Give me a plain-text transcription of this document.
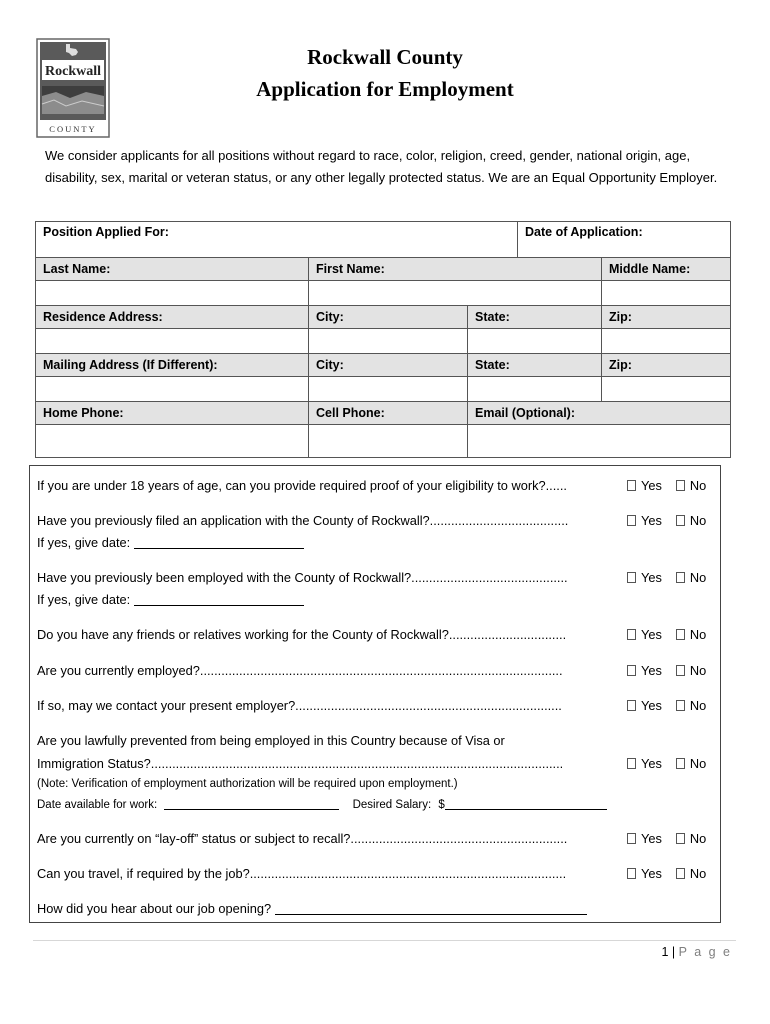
Rockwall
COUNTY
Rockwall County
Application for Employment
We consider applicants for all positions without regard to race, color, religion, creed, gender, national origin, age, disability, sex, marital or veteran status, or any other legally protected status. We are an Equal Opportunity Employer.
Position Applied For:			Date of Application:	
Last Name:	First Name:			Middle Name:

Residence Address:	City:	State:		Zip:

Mailing Address (If Different):	City:	State:		Zip:

Home Phone:	Cell Phone:	Email (Optional):		

If you are under 18 years of age, can you provide required proof of your eligibility to work?......	Yes No
Have you previously filed an application with the County of Rockwall?.......................................	Yes No
If yes, give date:
Have you previously been employed with the County of Rockwall?............................................	Yes No
If yes, give date:
Do you have any friends or relatives working for the County of Rockwall?.................................	Yes No
Are you currently employed?......................................................................................................	Yes No
If so, may we contact your present employer?...........................................................................	Yes No
Are you lawfully prevented from being employed in this Country because of Visa or
Immigration Status?....................................................................................................................	Yes No
(Note: Verification of employment authorization will be required upon employment.)
Date available for work:	Desired Salary: $
Are you currently on “lay-off” status or subject to recall?.............................................................	Yes No
Can you travel, if required by the job?.........................................................................................	Yes No
How did you hear about our job opening?
1 | P a g e
